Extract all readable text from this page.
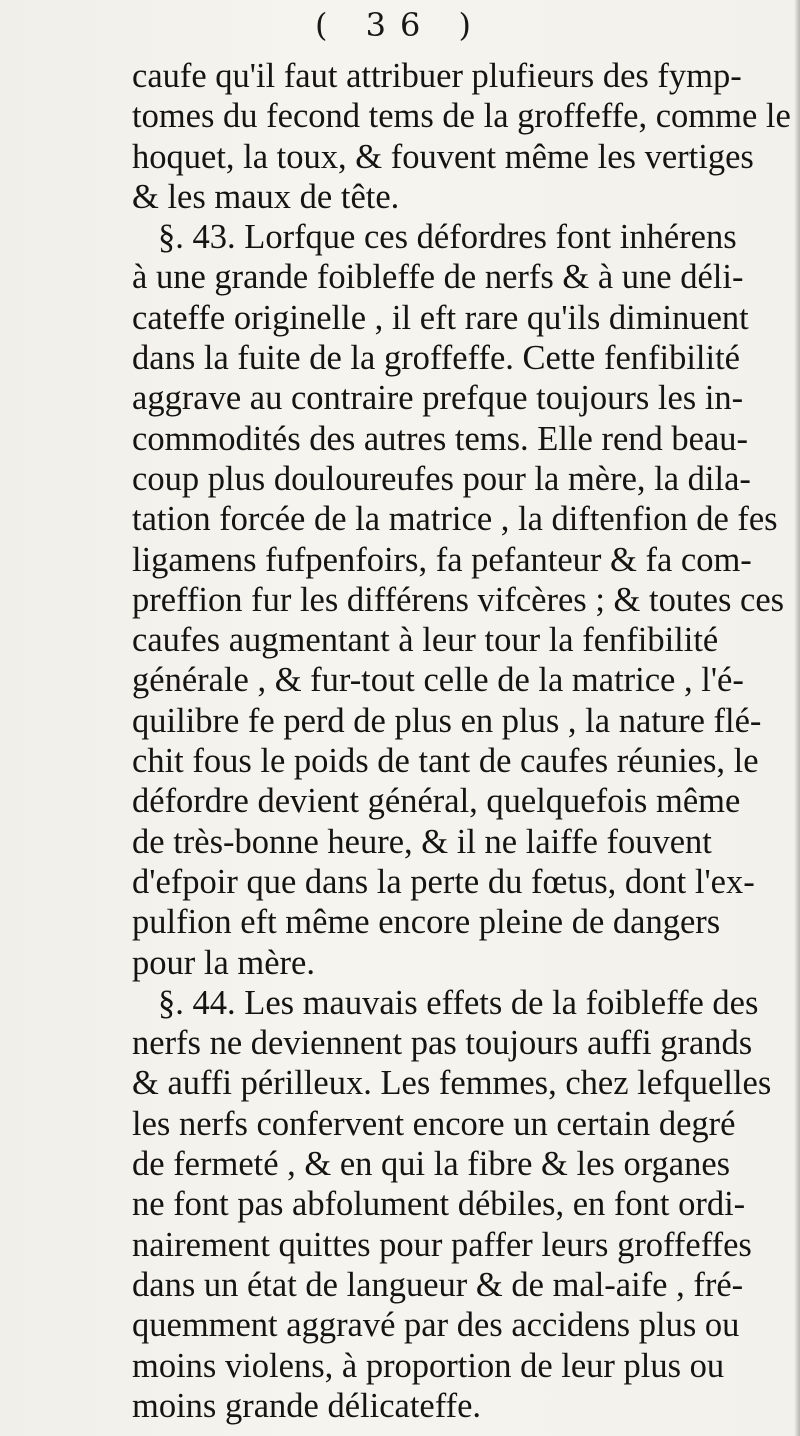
( 36 )
caufe qu'il faut attribuer plufieurs des fymp-
tomes du fecond tems de la groffeffe, comme le
hoquet, la toux, & fouvent même les vertiges
& les maux de tête.
§. 43. Lorfque ces défordres font inhérens
à une grande foibleffe de nerfs & à une déli-
cateffe originelle , il eft rare qu'ils diminuent
dans la fuite de la groffeffe. Cette fenfibilité
aggrave au contraire prefque toujours les in-
commodités des autres tems. Elle rend beau-
coup plus douloureufes pour la mère, la dila-
tation forcée de la matrice , la diftenfion de fes
ligamens fufpenfoirs, fa pefanteur & fa com-
preffion fur les différens vifcères ; & toutes ces
caufes augmentant à leur tour la fenfibilité
générale , & fur-tout celle de la matrice , l'é-
quilibre fe perd de plus en plus , la nature flé-
chit fous le poids de tant de caufes réunies, le
défordre devient général, quelquefois même
de très-bonne heure, & il ne laiffe fouvent
d'efpoir que dans la perte du fœtus, dont l'ex-
pulfion eft même encore pleine de dangers
pour la mère.
§. 44. Les mauvais effets de la foibleffe des
nerfs ne deviennent pas toujours auffi grands
& auffi périlleux. Les femmes, chez lefquelles
les nerfs confervent encore un certain degré
de fermeté , & en qui la fibre & les organes
ne font pas abfolument débiles, en font ordi-
nairement quittes pour paffer leurs groffeffes
dans un état de langueur & de mal-aife , fré-
quemment aggravé par des accidens plus ou
moins violens, à proportion de leur plus ou
moins grande délicateffe.
